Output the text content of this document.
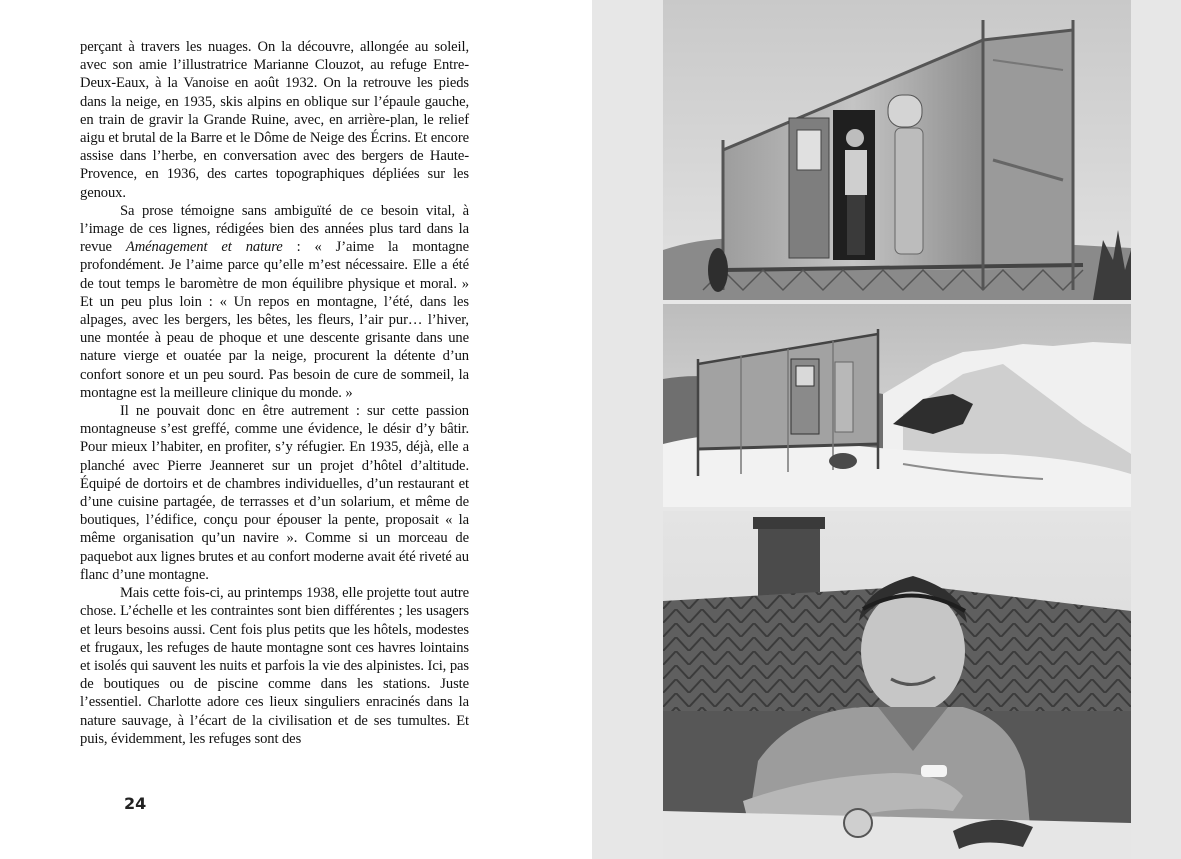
perçant à travers les nuages. On la découvre, allongée au soleil, avec son amie l’illustratrice Marianne Clouzot, au refuge Entre-Deux-Eaux, à la Vanoise en août 1932. On la retrouve les pieds dans la neige, en 1935, skis alpins en oblique sur l’épaule gauche, en train de gravir la Grande Ruine, avec, en arrière-plan, le relief aigu et brutal de la Barre et le Dôme de Neige des Écrins. Et encore assise dans l’herbe, en conversation avec des bergers de Haute-Provence, en 1936, des cartes topographiques dépliées sur les genoux.

Sa prose témoigne sans ambiguïté de ce besoin vital, à l’image de ces lignes, rédigées bien des années plus tard dans la revue Aménagement et nature : « J’aime la montagne profondément. Je l’aime parce qu’elle m’est nécessaire. Elle a été de tout temps le baromètre de mon équilibre physique et moral. » Et un peu plus loin : « Un repos en montagne, l’été, dans les alpages, avec les bergers, les bêtes, les fleurs, l’air pur… l’hiver, une montée à peau de phoque et une descente grisante dans une nature vierge et ouatée par la neige, procurent la détente d’un confort sonore et un peu sourd. Pas besoin de cure de sommeil, la montagne est la meilleure clinique du monde. »

Il ne pouvait donc en être autrement : sur cette passion montagneuse s’est greffé, comme une évidence, le désir d’y bâtir. Pour mieux l’habiter, en profiter, s’y réfugier. En 1935, déjà, elle a planché avec Pierre Jeanneret sur un projet d’hôtel d’altitude. Équipé de dortoirs et de chambres individuelles, d’un restaurant et d’une cuisine partagée, de terrasses et d’un solarium, et même de boutiques, l’édifice, conçu pour épouser la pente, proposait « la même organisation qu’un navire ». Comme si un morceau de paquebot aux lignes brutes et au confort moderne avait été riveté au flanc d’une montagne.

Mais cette fois-ci, au printemps 1938, elle projette tout autre chose. L’échelle et les contraintes sont bien différentes ; les usagers et leurs besoins aussi. Cent fois plus petits que les hôtels, modestes et frugaux, les refuges de haute montagne sont ces havres lointains et isolés qui sauvent les nuits et parfois la vie des alpinistes. Ici, pas de boutiques ou de piscine comme dans les stations. Juste l’essentiel. Charlotte adore ces lieux singuliers enracinés dans la nature sauvage, à l’écart de la civilisation et de ses tumultes. Et puis, évidemment, les refuges sont des

24
